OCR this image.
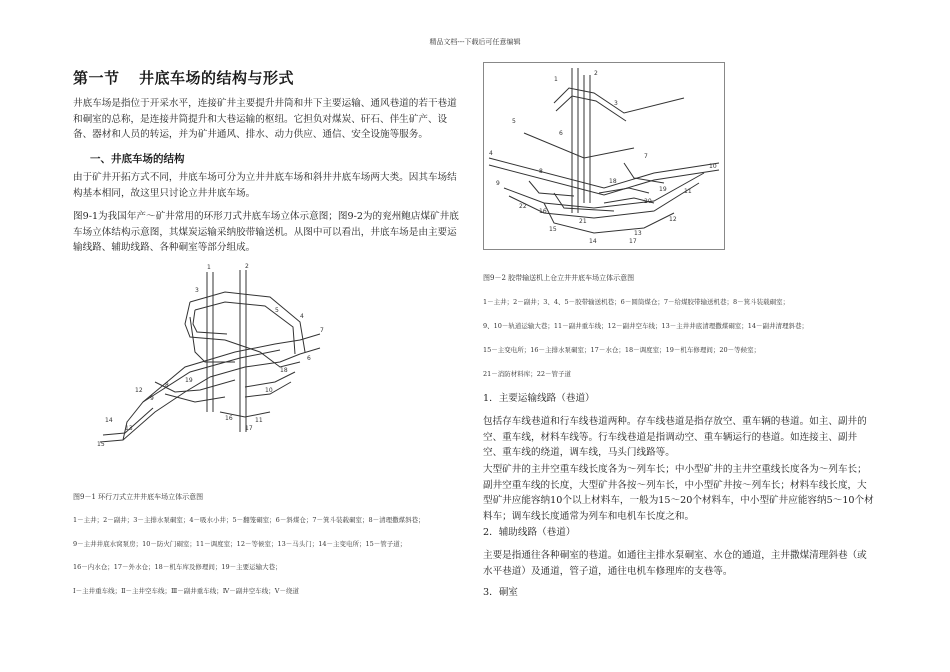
精品文档---下载后可任意编辑
第一节 井底车场的结构与形式
井底车场是指位于开采水平，连接矿井主要提升井筒和井下主要运输、通风巷道的若干巷道和硐室的总称，是连接井筒提升和大巷运输的枢纽。它担负对煤炭、矸石、伴生矿产、设备、器材和人员的转运，并为矿井通风、排水、动力供应、通信、安全设施等服务。
一、井底车场的结构
由于矿井开拓方式不同，井底车场可分为立井井底车场和斜井井底车场两大类。因其车场结构基本相同，故这里只讨论立井井底车场。
图9-1为我国年产～矿井常用的环形刀式井底车场立体示意图；图9-2为的兖州鲍店煤矿井底车场立体结构示意图，其煤炭运输采纳胶带输送机。从图中可以看出，井底车场是由主要运输线路、辅助线路、各种硐室等部分组成。
1	2
3
4
5
6
7
8
9
10
11
12
13
14
15
16
17
18
19
图9－1 环行刀式立井井底车场立体示意图
1－主井；2－副井；3－主排水泵硐室；4－吸水小井；5－翻笼硐室；6－斜煤仓；7－箕斗装载硐室；8－清理撒煤斜巷；
9－主井井底水窝泵房；10－防火门硐室；11－调度室；12－等候室；13－马头门；14－主变电所；15－管子道；
16－内水仓；17－外水仓；18－机车库及修理间；19－主要运输大巷；
Ⅰ－主井重车线；Ⅱ－主井空车线；Ⅲ－副井重车线；Ⅳ－副井空车线；Ⅴ－绕道
1
2
3
4
5
6
7
8
9
10
11
12
13
14
15
16
17
18
19
20
21
22
图9－2 胶带输送机上仓立井井底车场立体示意图
1－主井；2－副井；3、4、5－胶带输送机巷；6－圆筒煤仓；7－给煤胶带输送机巷；8－箕斗装载硐室；
9、10－轨道运输大巷；11－副井重车线；12－副井空车线；13－主井井底清理撒煤硐室；14－副井清理斜巷；
15－主变电所；16－主排水泵硐室；17－水仓；18－调度室；19－机车修理间；20－等候室；
21－消防材料库；22－管子道
1．主要运输线路（巷道）
包括存车线巷道和行车线巷道两种。存车线巷道是指存放空、重车辆的巷道。如主、副井的空、重车线，材料车线等。行车线巷道是指调动空、重车辆运行的巷道。如连接主、副井空、重车线的绕道，调车线，马头门线路等。
大型矿井的主井空重车线长度各为～列车长；中小型矿井的主井空重线长度各为～列车长；副井空重车线的长度，大型矿井各按～列车长，中小型矿井按～列车长；材料车线长度，大型矿井应能容纳10个以上材料车，一般为15～20个材料车，中小型矿井应能容纳5～10个材料车；调车线长度通常为列车和电机车长度之和。
2．辅助线路（巷道）
主要是指通往各种硐室的巷道。如通往主排水泵硐室、水仓的通道，主井撒煤清理斜巷（或水平巷道）及通道，管子道，通往电机车修理库的支巷等。
3．硐室
